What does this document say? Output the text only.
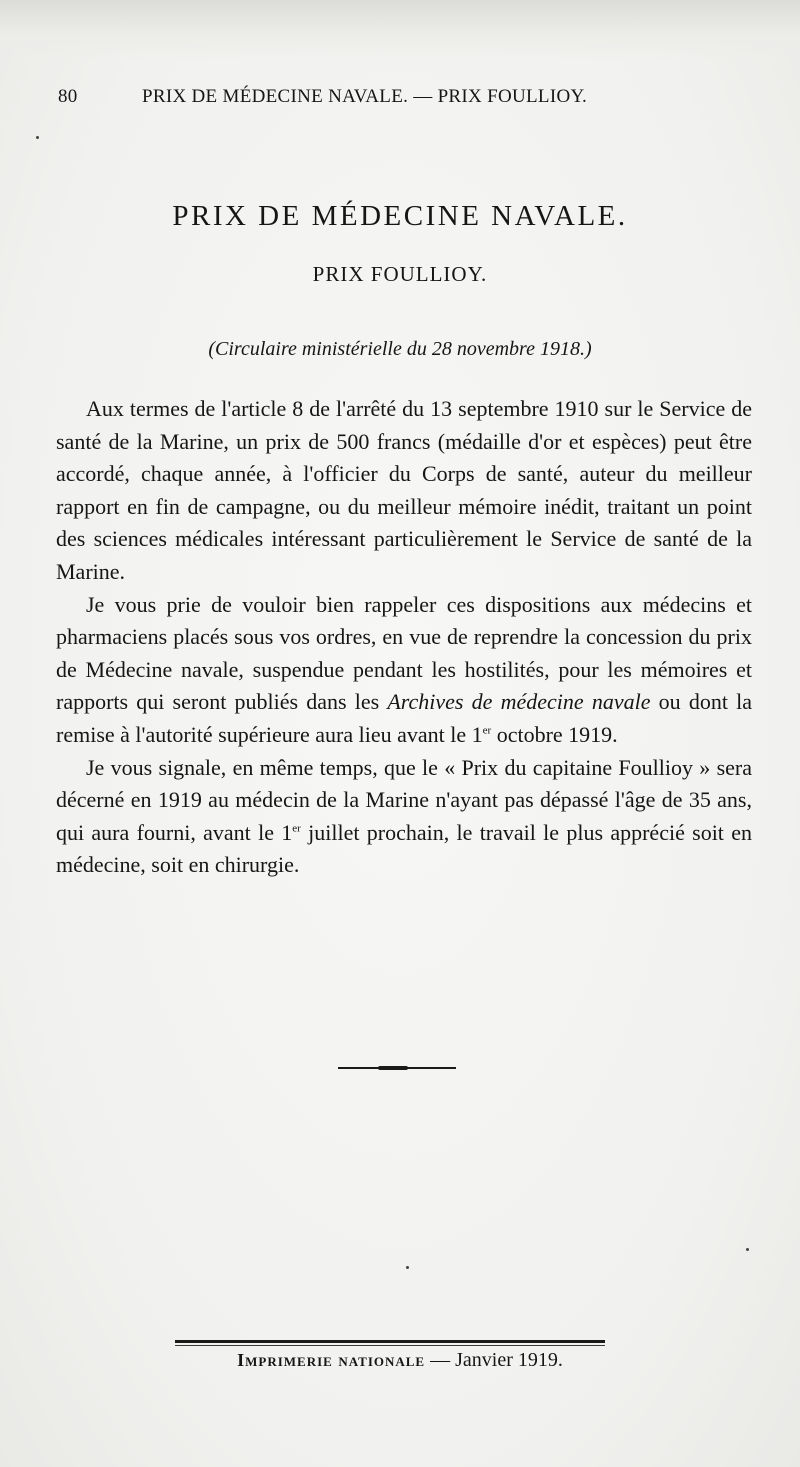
80	PRIX DE MÉDECINE NAVALE. — PRIX FOULLIOY.
PRIX DE MÉDECINE NAVALE.
PRIX FOULLIOY.
(Circulaire ministérielle du 28 novembre 1918.)

Aux termes de l'article 8 de l'arrêté du 13 septembre 1910 sur le Service de santé de la Marine, un prix de 500 francs (médaille d'or et espèces) peut être accordé, chaque année, à l'officier du Corps de santé, auteur du meilleur rapport en fin de campagne, ou du meilleur mémoire inédit, traitant un point des sciences médicales intéressant particulièrement le Service de santé de la Marine.

Je vous prie de vouloir bien rappeler ces dispositions aux médecins et pharmaciens placés sous vos ordres, en vue de reprendre la concession du prix de Médecine navale, suspendue pendant les hostilités, pour les mémoires et rapports qui seront publiés dans les Archives de médecine navale ou dont la remise à l'autorité supérieure aura lieu avant le 1er octobre 1919.

Je vous signale, en même temps, que le « Prix du capitaine Foullioy » sera décerné en 1919 au médecin de la Marine n'ayant pas dépassé l'âge de 35 ans, qui aura fourni, avant le 1er juillet prochain, le travail le plus apprécié soit en médecine, soit en chirurgie.

Imprimerie nationale — Janvier 1919.
